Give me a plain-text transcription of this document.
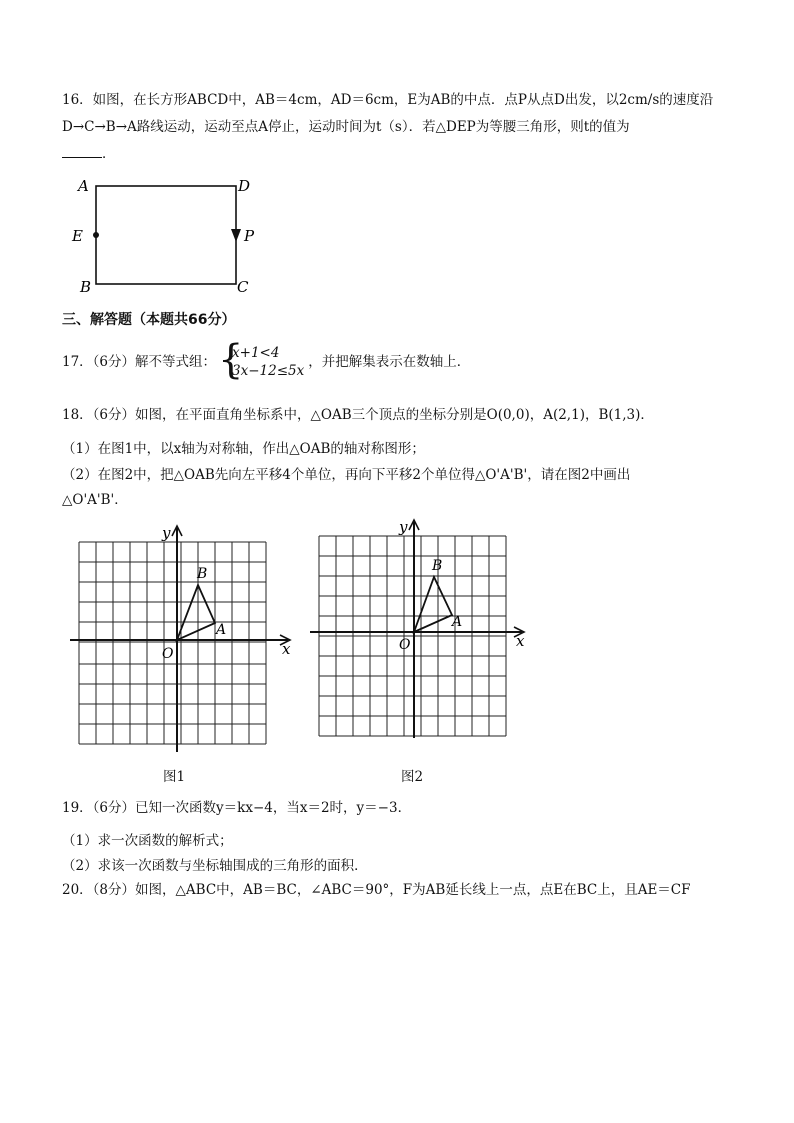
16．如图，在长方形ABCD中，AB＝4cm，AD＝6cm，E为AB的中点．点P从点D出发，以2cm/s的速度沿
D→C→B→A路线运动，运动至点A停止，运动时间为t（s）．若△DEP为等腰三角形，则t的值为
．
A	D
E	P
B	C
三、解答题（本题共66分）
17．（6分）解不等式组： {
x+1<4
3x−12≤5x
，并把解集表示在数轴上．
18．（6分）如图，在平面直角坐标系中，△OAB三个顶点的坐标分别是O(0,0)，A(2,1)，B(1,3)．
（1）在图1中，以x轴为对称轴，作出△OAB的轴对称图形；
（2）在图2中，把△OAB先向左平移4个单位，再向下平移2个单位得△O'A'B'，请在图2中画出
△O'A'B'．
x
y
O
A
B
图1
x
y
O
A
B
图2
19．（6分）已知一次函数y＝kx−4，当x＝2时，y＝−3．
（1）求一次函数的解析式；
（2）求该一次函数与坐标轴围成的三角形的面积．
20．（8分）如图，△ABC中，AB＝BC，∠ABC＝90°，F为AB延长线上一点，点E在BC上，且AE＝CF
